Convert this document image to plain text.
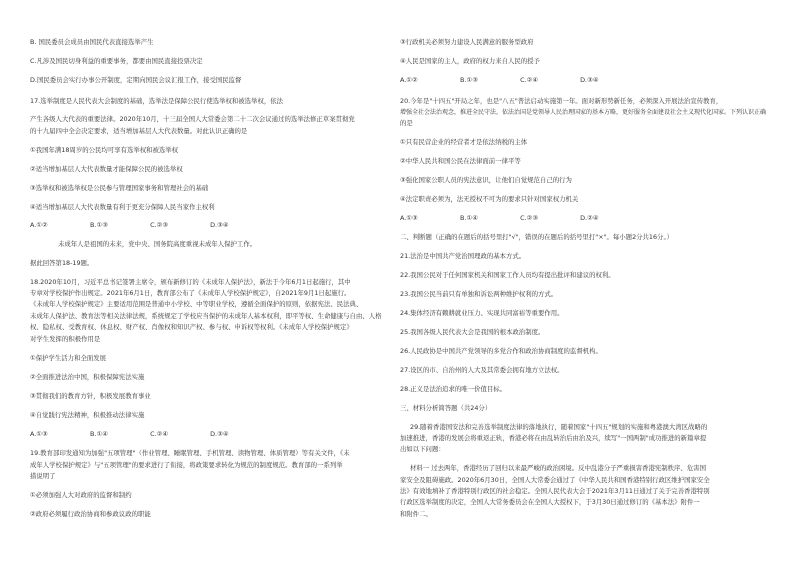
B. 国民委员会成员由国民代表直接选举产生
C.凡涉及国民切身利益的重要事务，都要由国民直接投票决定
D.国民委员会实行办事公开制度，定期向国民会议汇报工作，接受国民监督
17.选举制度是人民代表大会制度的基础，选举法是保障公民行使选举权和被选举权，依法
产生各级人大代表的重要法律。2020年10月，十三届全国人大常委会第二十二次会议通过的选举法修正草案贯彻党
的十九届四中全会决定要求，适当增加基层人大代表数量。对此认识正确的是
①我国年满18周岁的公民均可享有选举权和被选举权
②适当增加基层人大代表数量才能保障公民的被选举权
③选举权和被选举权是公民参与管理国家事务和管理社会的基础
④适当增加基层人大代表数量有利于更充分保障人民当家作主权利
A.①②	B.①③	C.②③	D.③④
未成年人是祖国的未来，党中央、国务院高度重视未成年人保护工作。
据此回答第18-19题。
18.2020年10月，习近平总书记签署主席令，颁布新修订的《未成年人保护法》，新法于今年6月1日起施行，其中
专章对学校保护作出规定。2021年6月1日，教育部公布了《未成年人学校保护规定》，自2021年9月1日起施行。
《未成年人学校保护规定》主要适用范围是普通中小学校、中等职业学校，遵循全面保护的原则，依据宪法、民法典、
未成年人保护法、教育法等相关法律法规，系统规定了学校应当保护的未成年人基本权利，即平等权、生命健康与自由、人格
权、隐私权、受教育权、休息权、财产权、肖像权和知识产权、参与权、申诉权等权利。《未成年人学校保护规定》
对学生发挥的积极作用是
①保护学生活力和全面发展
②全面推进法治中国，积极保障宪法实施
③贯彻我们的教育方针，积极发展教育事业
④自觉践行宪法精神，积极推动法律实施
A.①③	B.①④	C.②④	D.③④
19.教育部印发通知为加强"五项管理"（作业管理、睡眠管理、手机管理、读物管理、体质管理）等有关文件，《未
成年人学校保护规定》与"五项管理"的要求进行了衔接，将政策要求转化为规范的制度规范。教育部的一系列举
措说明了
①必须加强人大对政府的监督和制约
②政府必须履行政治协商和参政议政的职能
③行政机关必须努力建设人民满意的服务型政府
④人民是国家的主人，政府的权力来自人民的授予
A.①②	B.①③	C.②④	D.③④
20.今年是"十四五"开局之年，也是"八五"普法启动实施第一年。面对新形势新任务，必须深入开展法治宣传教育，
增强全社会法治观念，推进全民守法，依法治国是党领导人民治理国家的基本方略，更好服务全面建设社会主义现代化国家。下列认识正确
的是
①只有民营企业的经营者才是依法纳税的主体
②中华人民共和国公民在法律面前一律平等
③强化国家公职人员的宪法意识，让他们自觉规范自己的行为
④法定职责必须为，法无授权不可为的要求只针对国家权力机关
A.①③	B.①④	C.②③	D.②④
二、判断题（正确的在题后的括号里打"√"，错误的在题后的括号里打"×"。每小题2分共16分。）
21.法治是中国共产党治国理政的基本方式。
22.我国公民对于任何国家机关和国家工作人员均有提出批评和建议的权利。
23.我国公民当前只有单独和诉讼两种维护权利的方式。
24.集体经济有赖耕就业压力、实现共同富裕等重要作用。
25.我国各级人民代表大会是我国的根本政治制度。
26.人民政协是中国共产党领导的多党合作和政治协商制度的监督机构。
27.设区的市、自治州的人大及其常委会拥有地方立法权。
28.正义是法治追求的唯一价值目标。
三、材料分析简答题（共24分）
29.随着香港国安法和完善选举制度法律的落地执行，随着国家"十四五"规划的实施和粤港澳大湾区战略的
加速推进，香港的发展会将重返正轨，香港必将在由乱转治后由治及兴，续写"一国两制"成功推进的新篇章提
出如以下问题：
材料一 过去两年，香港经历了回归以来最严峻的政治困境。反中乱港分子严重损害香港宪制秩序、危害国
家安全及阻碍施政。2020年6月30日，全国人大常委会通过了《中华人民共和国香港特别行政区维护国家安全
法》有效地填补了香港特别行政区的社会稳定。全国人民代表大会于2021年3月11日通过了关于完善香港特别
行政区选举制度的决定，全国人大常务委员会在全国人大授权下，于3月30日通过修订的《基本法》附件一
和附件二。
